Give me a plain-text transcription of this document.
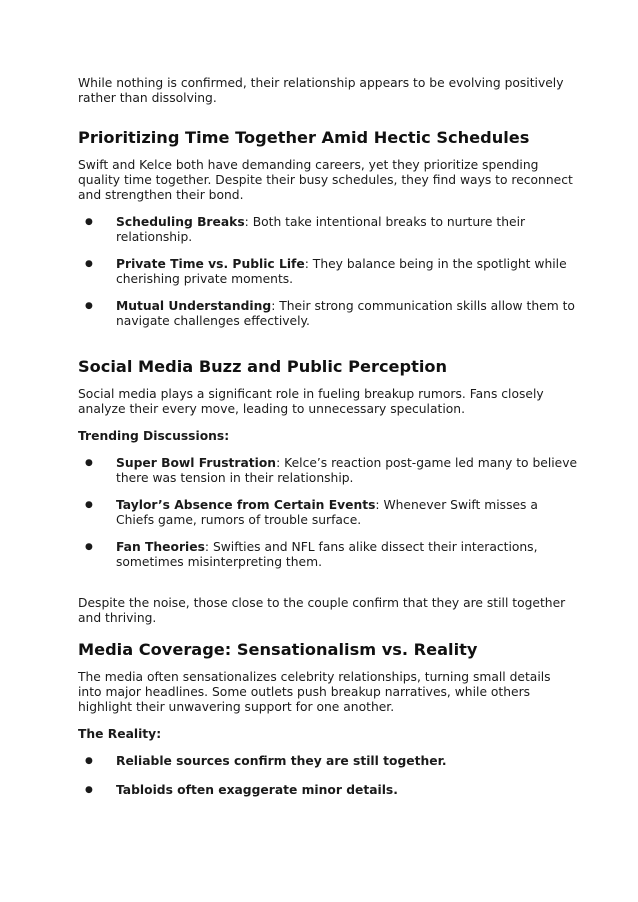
While nothing is confirmed, their relationship appears to be evolving positively rather than dissolving.

Prioritizing Time Together Amid Hectic Schedules

Swift and Kelce both have demanding careers, yet they prioritize spending quality time together. Despite their busy schedules, they find ways to reconnect and strengthen their bond.

● Scheduling Breaks: Both take intentional breaks to nurture their relationship.
● Private Time vs. Public Life: They balance being in the spotlight while cherishing private moments.
● Mutual Understanding: Their strong communication skills allow them to navigate challenges effectively.
Social Media Buzz and Public Perception

Social media plays a significant role in fueling breakup rumors. Fans closely analyze their every move, leading to unnecessary speculation.

Trending Discussions:

● Super Bowl Frustration: Kelce’s reaction post-game led many to believe there was tension in their relationship.
● Taylor’s Absence from Certain Events: Whenever Swift misses a Chiefs game, rumors of trouble surface.
● Fan Theories: Swifties and NFL fans alike dissect their interactions, sometimes misinterpreting them.

Despite the noise, those close to the couple confirm that they are still together and thriving.

Media Coverage: Sensationalism vs. Reality

The media often sensationalizes celebrity relationships, turning small details into major headlines. Some outlets push breakup narratives, while others highlight their unwavering support for one another.

The Reality:

● Reliable sources confirm they are still together.
● Tabloids often exaggerate minor details.
